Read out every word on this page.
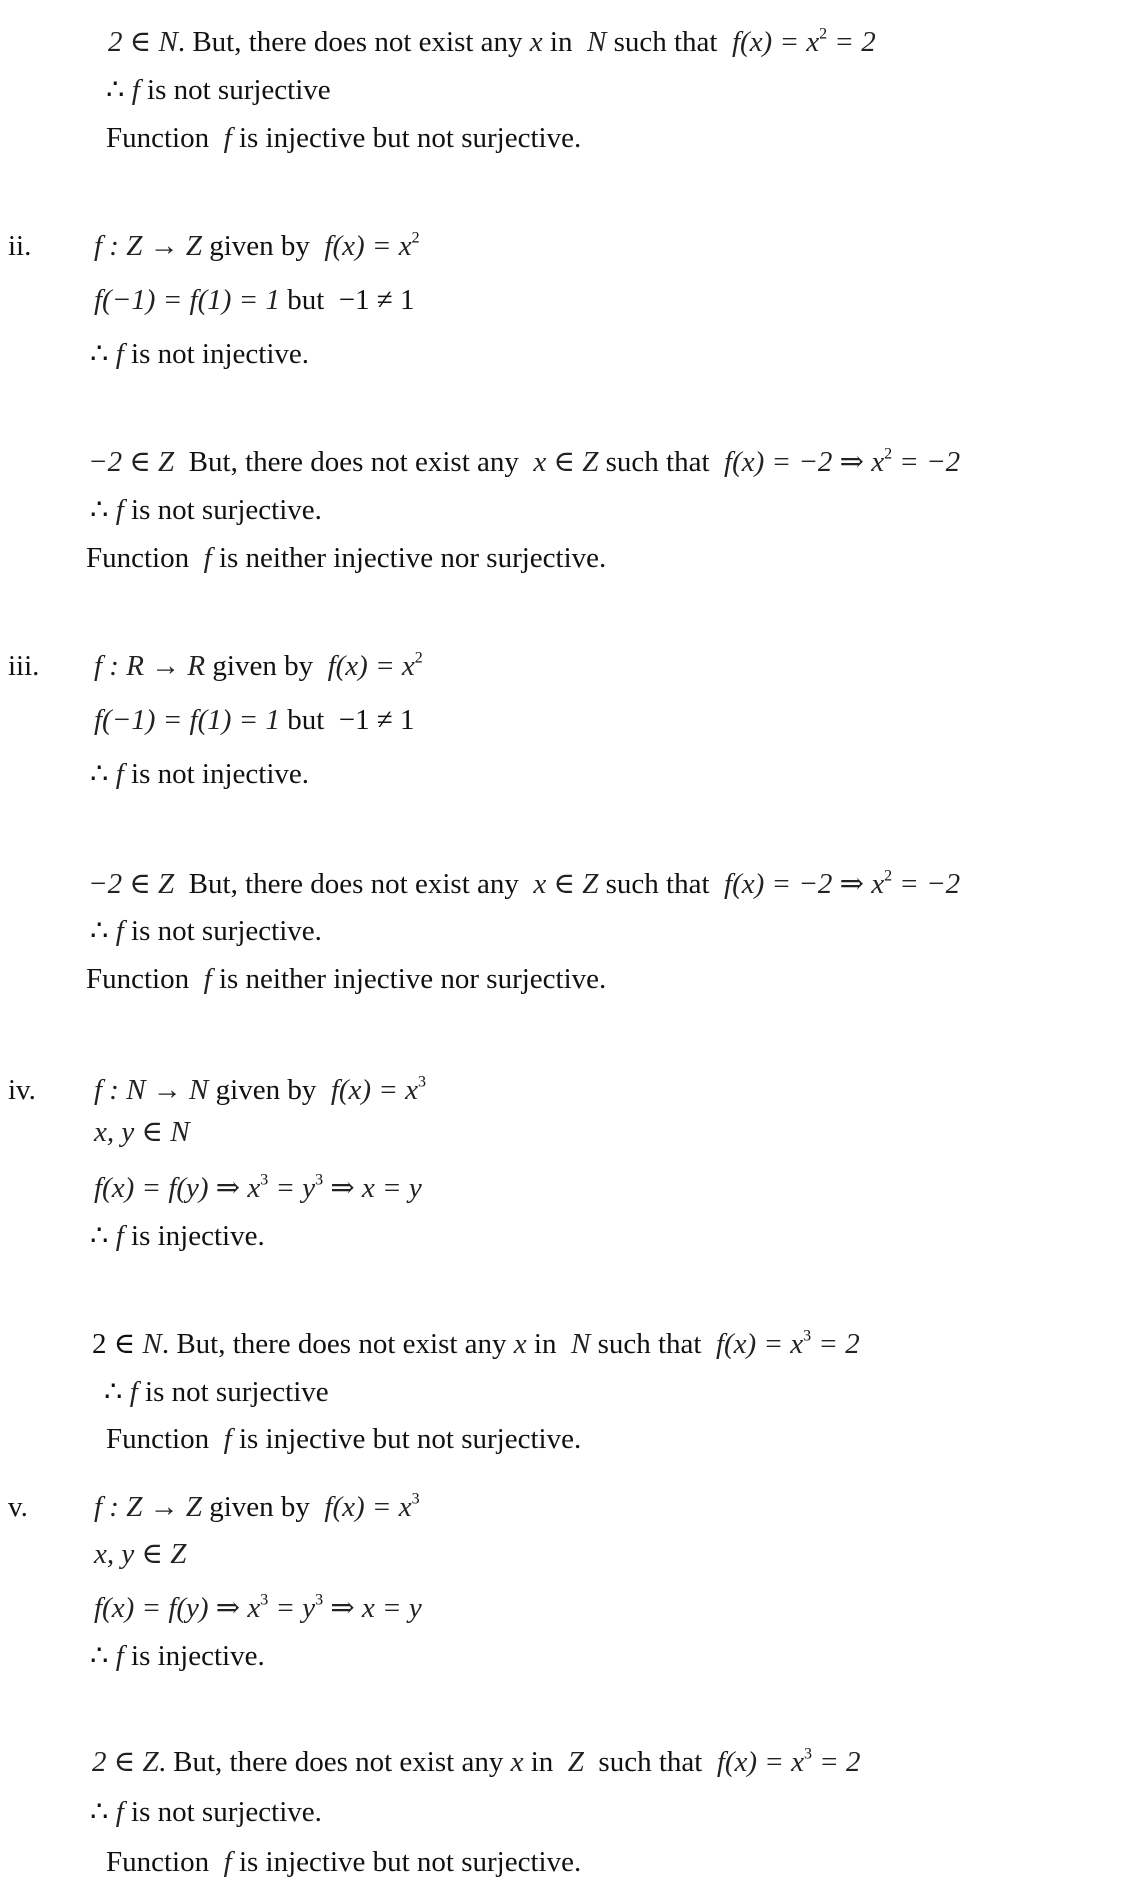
2 ∈ N. But, there does not exist any x in  N such that  $f(x) = x^2 = 2$
∴ f is not surjective
Function  f is injective but not surjective.
ii. f : Z → Z given by  $f(x) = x^2$
f(−1) = f(1) = 1 but  −1 ≠ 1
∴ f is not injective.
−2 ∈ Z  But, there does not exist any  x ∈ Z such that  f(x) = −2 ⇒ $x^2 = -2$
∴ f is not surjective.
Function  f is neither injective nor surjective.
iii. f : R → R given by  $f(x) = x^2$
f(−1) = f(1) = 1 but  −1 ≠ 1
∴ f is not injective.
−2 ∈ Z  But, there does not exist any  x ∈ Z such that  f(x) = −2 ⇒ $x^2 = -2$
∴ f is not surjective.
Function  f is neither injective nor surjective.
iv. f : N → N given by  $f(x) = x^3$
x, y ∈ N
f(x) = f(y) ⇒ $x^3 = y^3$ ⇒ x = y
∴ f is injective.
2 ∈ N. But, there does not exist any x in  N such that  $f(x) = x^3 = 2$
∴ f is not surjective
Function  f is injective but not surjective.
v. f : Z → Z given by  $f(x) = x^3$
x, y ∈ Z
f(x) = f(y) ⇒ $x^3 = y^3$ ⇒ x = y
∴ f is injective.
2 ∈ Z. But, there does not exist any x in  Z  such that  $f(x) = x^3 = 2$
∴ f is not surjective.
Function  f is injective but not surjective.
